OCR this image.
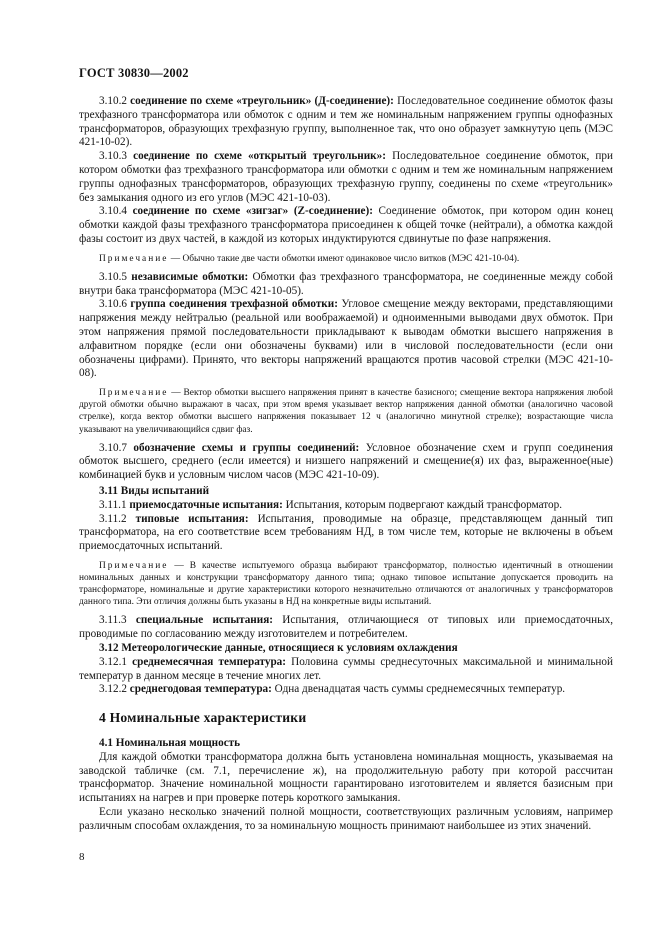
ГОСТ 30830—2002

3.10.2 соединение по схеме «треугольник» (Д-соединение): Последовательное соединение обмоток фазы трехфазного трансформатора или обмоток с одним и тем же номинальным напряжением группы однофазных трансформаторов, образующих трехфазную группу, выполненное так, что оно образует замкнутую цепь (МЭС 421-10-02).

3.10.3 соединение по схеме «открытый треугольник»: Последовательное соединение обмоток, при котором обмотки фаз трехфазного трансформатора или обмотки с одним и тем же номинальным напряжением группы однофазных трансформаторов, образующих трехфазную группу, соединены по схеме «треугольник» без замыкания одного из его углов (МЭС 421-10-03).

3.10.4 соединение по схеме «зигзаг» (Z-соединение): Соединение обмоток, при котором один конец обмотки каждой фазы трехфазного трансформатора присоединен к общей точке (нейтрали), а обмотка каждой фазы состоит из двух частей, в каждой из которых индуктируются сдвинутые по фазе напряжения.

Примечание — Обычно такие две части обмотки имеют одинаковое число витков (МЭС 421-10-04).

3.10.5 независимые обмотки: Обмотки фаз трехфазного трансформатора, не соединенные между собой внутри бака трансформатора (МЭС 421-10-05).

3.10.6 группа соединения трехфазной обмотки: Угловое смещение между векторами, представляющими напряжения между нейтралью (реальной или воображаемой) и одноименными выводами двух обмоток. При этом напряжения прямой последовательности прикладывают к выводам обмотки высшего напряжения в алфавитном порядке (если они обозначены буквами) или в числовой последовательности (если они обозначены цифрами). Принято, что векторы напряжений вращаются против часовой стрелки (МЭС 421-10-08).

Примечание — Вектор обмотки высшего напряжения принят в качестве базисного; смещение вектора напряжения любой другой обмотки обычно выражают в часах, при этом время указывает вектор напряжения данной обмотки (аналогично часовой стрелке), когда вектор обмотки высшего напряжения показывает 12 ч (аналогично минутной стрелке); возрастающие числа указывают на увеличивающийся сдвиг фаз.

3.10.7 обозначение схемы и группы соединений: Условное обозначение схем и групп соединения обмоток высшего, среднего (если имеется) и низшего напряжений и смещение(я) их фаз, выраженное(ные) комбинацией букв и условным числом часов (МЭС 421-10-09).

3.11 Виды испытаний

3.11.1 приемосдаточные испытания: Испытания, которым подвергают каждый трансформатор.

3.11.2 типовые испытания: Испытания, проводимые на образце, представляющем данный тип трансформатора, на его соответствие всем требованиям НД, в том числе тем, которые не включены в объем приемосдаточных испытаний.

Примечание — В качестве испытуемого образца выбирают трансформатор, полностью идентичный в отношении номинальных данных и конструкции трансформатору данного типа; однако типовое испытание допускается проводить на трансформаторе, номинальные и другие характеристики которого незначительно отличаются от аналогичных у трансформаторов данного типа. Эти отличия должны быть указаны в НД на конкретные виды испытаний.

3.11.3 специальные испытания: Испытания, отличающиеся от типовых или приемосдаточных, проводимые по согласованию между изготовителем и потребителем.

3.12 Метеорологические данные, относящиеся к условиям охлаждения

3.12.1 среднемесячная температура: Половина суммы среднесуточных максимальной и минимальной температур в данном месяце в течение многих лет.

3.12.2 среднегодовая температура: Одна двенадцатая часть суммы среднемесячных температур.

4 Номинальные характеристики

4.1 Номинальная мощность

Для каждой обмотки трансформатора должна быть установлена номинальная мощность, указываемая на заводской табличке (см. 7.1, перечисление ж), на продолжительную работу при которой рассчитан трансформатор. Значение номинальной мощности гарантировано изготовителем и является базисным при испытаниях на нагрев и при проверке потерь короткого замыкания.

Если указано несколько значений полной мощности, соответствующих различным условиям, например различным способам охлаждения, то за номинальную мощность принимают наибольшее из этих значений.

8
